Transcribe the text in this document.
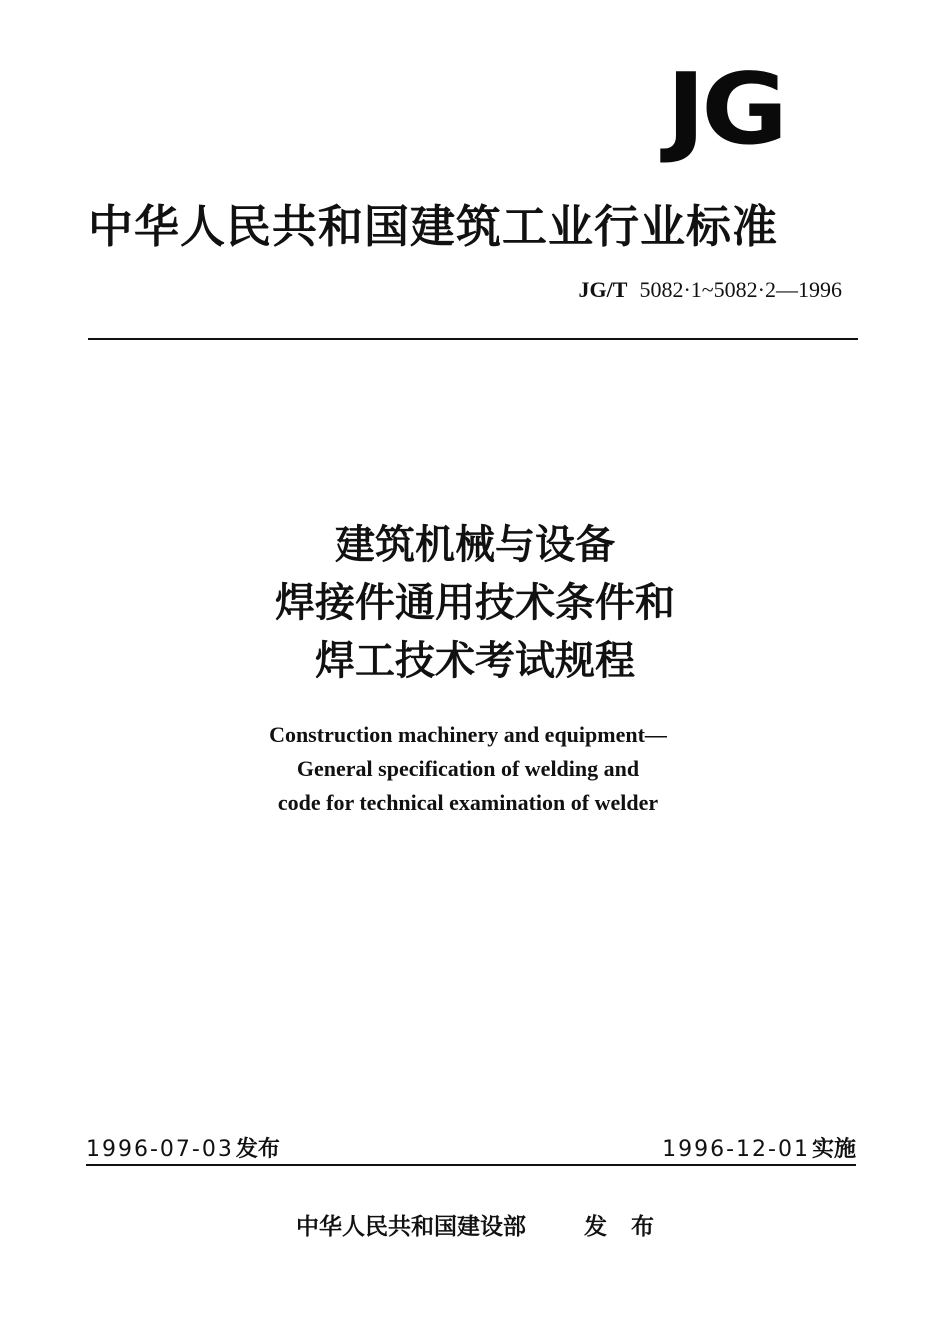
JG
中华人民共和国建筑工业行业标准
JG/T 5082·1~5082·2—1996
建筑机械与设备
焊接件通用技术条件和
焊工技术考试规程
Construction machinery and equipment—
General specification of welding and
code for technical examination of welder
1996-07-03发布	1996-12-01实施
中华人民共和国建设部	发 布
